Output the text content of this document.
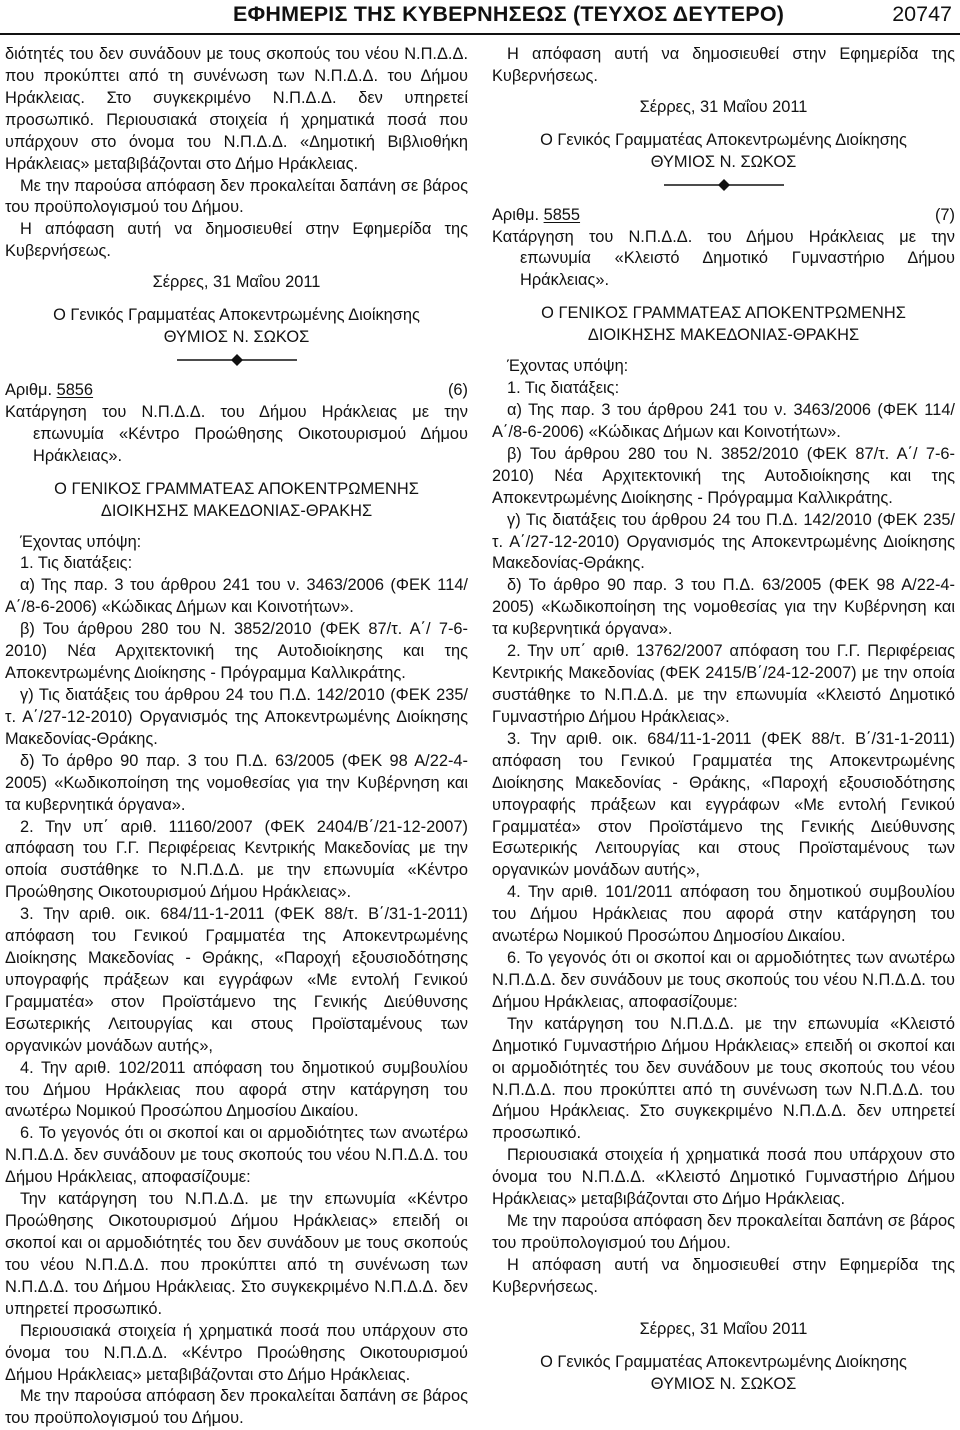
ΕΦΗΜΕΡΙΣ ΤΗΣ ΚΥΒΕΡΝΗΣΕΩΣ (ΤΕΥΧΟΣ ΔΕΥΤΕΡΟ)	20747

διότητές του δεν συνάδουν με τους σκοπούς του νέου Ν.Π.Δ.Δ. που προκύπτει από τη συνένωση των Ν.Π.Δ.Δ. του Δήμου Ηράκλειας. Στο συγκεκριμένο Ν.Π.Δ.Δ. δεν υπηρετεί προσωπικό. Περιουσιακά στοιχεία ή χρηματικά ποσά που υπάρχουν στο όνομα του Ν.Π.Δ.Δ. «Δημοτική Βιβλιοθήκη Ηράκλειας» μεταβιβάζονται στο Δήμο Ηράκλειας.

Με την παρούσα απόφαση δεν προκαλείται δαπάνη σε βάρος του προϋπολογισμού του Δήμου.

Η απόφαση αυτή να δημοσιευθεί στην Εφημερίδα της Κυβερνήσεως.

Σέρρες, 31 Μαΐου 2011

Ο Γενικός Γραμματέας Αποκεντρωμένης Διοίκησης

ΘΥΜΙΟΣ Ν. ΣΩΚΟΣ

Αριθμ. 5856	(6)

Κατάργηση του Ν.Π.Δ.Δ. του Δήμου Ηράκλειας με την επωνυμία «Κέντρο Προώθησης Οικοτουρισμού Δήμου Ηράκλειας».

Ο ΓΕΝΙΚΟΣ ΓΡΑΜΜΑΤΕΑΣ ΑΠΟΚΕΝΤΡΩΜΕΝΗΣ

ΔΙΟΙΚΗΣΗΣ ΜΑΚΕΔΟΝΙΑΣ-ΘΡΑΚΗΣ

Έχοντας υπόψη:

1. Τις διατάξεις:

α) Της παρ. 3 του άρθρου 241 του ν. 3463/2006 (ΦΕΚ 114/Α΄/8-6-2006) «Κώδικας Δήμων και Κοινοτήτων».

β) Του άρθρου 280 του Ν. 3852/2010 (ΦΕΚ 87/τ. Α΄/ 7-6-2010) Νέα Αρχιτεκτονική της Αυτοδιοίκησης και της Αποκεντρωμένης Διοίκησης - Πρόγραμμα Καλλικράτης.

γ) Τις διατάξεις του άρθρου 24 του Π.Δ. 142/2010 (ΦΕΚ 235/τ. Α΄/27-12-2010) Οργανισμός της Αποκεντρωμένης Διοίκησης Μακεδονίας-Θράκης.

δ) Το άρθρο 90 παρ. 3 του Π.Δ. 63/2005 (ΦΕΚ 98 Α/22-4-2005) «Κωδικοποίηση της νομοθεσίας για την Κυβέρνηση και τα κυβερνητικά όργανα».

2. Την υπ΄ αριθ. 11160/2007 (ΦΕΚ 2404/Β΄/21-12-2007) απόφαση του Γ.Γ. Περιφέρειας Κεντρικής Μακεδονίας με την οποία συστάθηκε το Ν.Π.Δ.Δ. με την επωνυμία «Κέντρο Προώθησης Οικοτουρισμού Δήμου Ηράκλειας».

3. Την αριθ. οικ. 684/11-1-2011 (ΦΕΚ 88/τ. Β΄/31-1-2011) απόφαση του Γενικού Γραμματέα της Αποκεντρωμένης Διοίκησης Μακεδονίας - Θράκης, «Παροχή εξουσιοδότησης υπογραφής πράξεων και εγγράφων «Με εντολή Γενικού Γραμματέα» στον Προϊστάμενο της Γενικής Διεύθυνσης Εσωτερικής Λειτουργίας και στους Προϊσταμένους των οργανικών μονάδων αυτής»,

4. Την αριθ. 102/2011 απόφαση του δημοτικού συμβουλίου του Δήμου Ηράκλειας που αφορά στην κατάργηση του ανωτέρω Νομικού Προσώπου Δημοσίου Δικαίου.

6. Το γεγονός ότι οι σκοποί και οι αρμοδιότητες των ανωτέρω Ν.Π.Δ.Δ. δεν συνάδουν με τους σκοπούς του νέου Ν.Π.Δ.Δ. του Δήμου Ηράκλειας, αποφασίζουμε:

Την κατάργηση του Ν.Π.Δ.Δ. με την επωνυμία «Κέντρο Προώθησης Οικοτουρισμού Δήμου Ηράκλειας» επειδή οι σκοποί και οι αρμοδιότητές του δεν συνάδουν με τους σκοπούς του νέου Ν.Π.Δ.Δ. που προκύπτει από τη συνένωση των Ν.Π.Δ.Δ. του Δήμου Ηράκλειας. Στο συγκεκριμένο Ν.Π.Δ.Δ. δεν υπηρετεί προσωπικό.

Περιουσιακά στοιχεία ή χρηματικά ποσά που υπάρχουν στο όνομα του Ν.Π.Δ.Δ. «Κέντρο Προώθησης Οικοτουρισμού Δήμου Ηράκλειας» μεταβιβάζονται στο Δήμο Ηράκλειας.

Με την παρούσα απόφαση δεν προκαλείται δαπάνη σε βάρος του προϋπολογισμού του Δήμου.

Η απόφαση αυτή να δημοσιευθεί στην Εφημερίδα της Κυβερνήσεως.

Σέρρες, 31 Μαΐου 2011

Ο Γενικός Γραμματέας Αποκεντρωμένης Διοίκησης

ΘΥΜΙΟΣ Ν. ΣΩΚΟΣ

Αριθμ. 5855	(7)

Κατάργηση του Ν.Π.Δ.Δ. του Δήμου Ηράκλειας με την επωνυμία «Κλειστό Δημοτικό Γυμναστήριο Δήμου Ηράκλειας».

Ο ΓΕΝΙΚΟΣ ΓΡΑΜΜΑΤΕΑΣ ΑΠΟΚΕΝΤΡΩΜΕΝΗΣ

ΔΙΟΙΚΗΣΗΣ ΜΑΚΕΔΟΝΙΑΣ-ΘΡΑΚΗΣ

Έχοντας υπόψη:

1. Τις διατάξεις:

α) Της παρ. 3 του άρθρου 241 του ν. 3463/2006 (ΦΕΚ 114/Α΄/8-6-2006) «Κώδικας Δήμων και Κοινοτήτων».

β) Του άρθρου 280 του Ν. 3852/2010 (ΦΕΚ 87/τ. Α΄/ 7-6-2010) Νέα Αρχιτεκτονική της Αυτοδιοίκησης και της Αποκεντρωμένης Διοίκησης - Πρόγραμμα Καλλικράτης.

γ) Τις διατάξεις του άρθρου 24 του Π.Δ. 142/2010 (ΦΕΚ 235/τ. Α΄/27-12-2010) Οργανισμός της Αποκεντρωμένης Διοίκησης Μακεδονίας-Θράκης.

δ) Το άρθρο 90 παρ. 3 του Π.Δ. 63/2005 (ΦΕΚ 98 Α/22-4-2005) «Κωδικοποίηση της νομοθεσίας για την Κυβέρνηση και τα κυβερνητικά όργανα».

2. Την υπ΄ αριθ. 13762/2007 απόφαση του Γ.Γ. Περιφέρειας Κεντρικής Μακεδονίας (ΦΕΚ 2415/Β΄/24-12-2007) με την οποία συστάθηκε το Ν.Π.Δ.Δ. με την επωνυμία «Κλειστό Δημοτικό Γυμναστήριο Δήμου Ηράκλειας».

3. Την αριθ. οικ. 684/11-1-2011 (ΦΕΚ 88/τ. Β΄/31-1-2011) απόφαση του Γενικού Γραμματέα της Αποκεντρωμένης Διοίκησης Μακεδονίας - Θράκης, «Παροχή εξουσιοδότησης υπογραφής πράξεων και εγγράφων «Με εντολή Γενικού Γραμματέα» στον Προϊστάμενο της Γενικής Διεύθυνσης Εσωτερικής Λειτουργίας και στους Προϊσταμένους των οργανικών μονάδων αυτής»,

4. Την αριθ. 101/2011 απόφαση του δημοτικού συμβουλίου του Δήμου Ηράκλειας που αφορά στην κατάργηση του ανωτέρω Νομικού Προσώπου Δημοσίου Δικαίου.

6. Το γεγονός ότι οι σκοποί και οι αρμοδιότητες των ανωτέρω Ν.Π.Δ.Δ. δεν συνάδουν με τους σκοπούς του νέου Ν.Π.Δ.Δ. του Δήμου Ηράκλειας, αποφασίζουμε:

Την κατάργηση του Ν.Π.Δ.Δ. με την επωνυμία «Κλειστό Δημοτικό Γυμναστήριο Δήμου Ηράκλειας» επειδή οι σκοποί και οι αρμοδιότητές του δεν συνάδουν με τους σκοπούς του νέου Ν.Π.Δ.Δ. που προκύπτει από τη συνένωση των Ν.Π.Δ.Δ. του Δήμου Ηράκλειας. Στο συγκεκριμένο Ν.Π.Δ.Δ. δεν υπηρετεί προσωπικό.

Περιουσιακά στοιχεία ή χρηματικά ποσά που υπάρχουν στο όνομα του Ν.Π.Δ.Δ. «Κλειστό Δημοτικό Γυμναστήριο Δήμου Ηράκλειας» μεταβιβάζονται στο Δήμο Ηράκλειας.

Με την παρούσα απόφαση δεν προκαλείται δαπάνη σε βάρος του προϋπολογισμού του Δήμου.

Η απόφαση αυτή να δημοσιευθεί στην Εφημερίδα της Κυβερνήσεως.

Σέρρες, 31 Μαΐου 2011

Ο Γενικός Γραμματέας Αποκεντρωμένης Διοίκησης

ΘΥΜΙΟΣ Ν. ΣΩΚΟΣ
